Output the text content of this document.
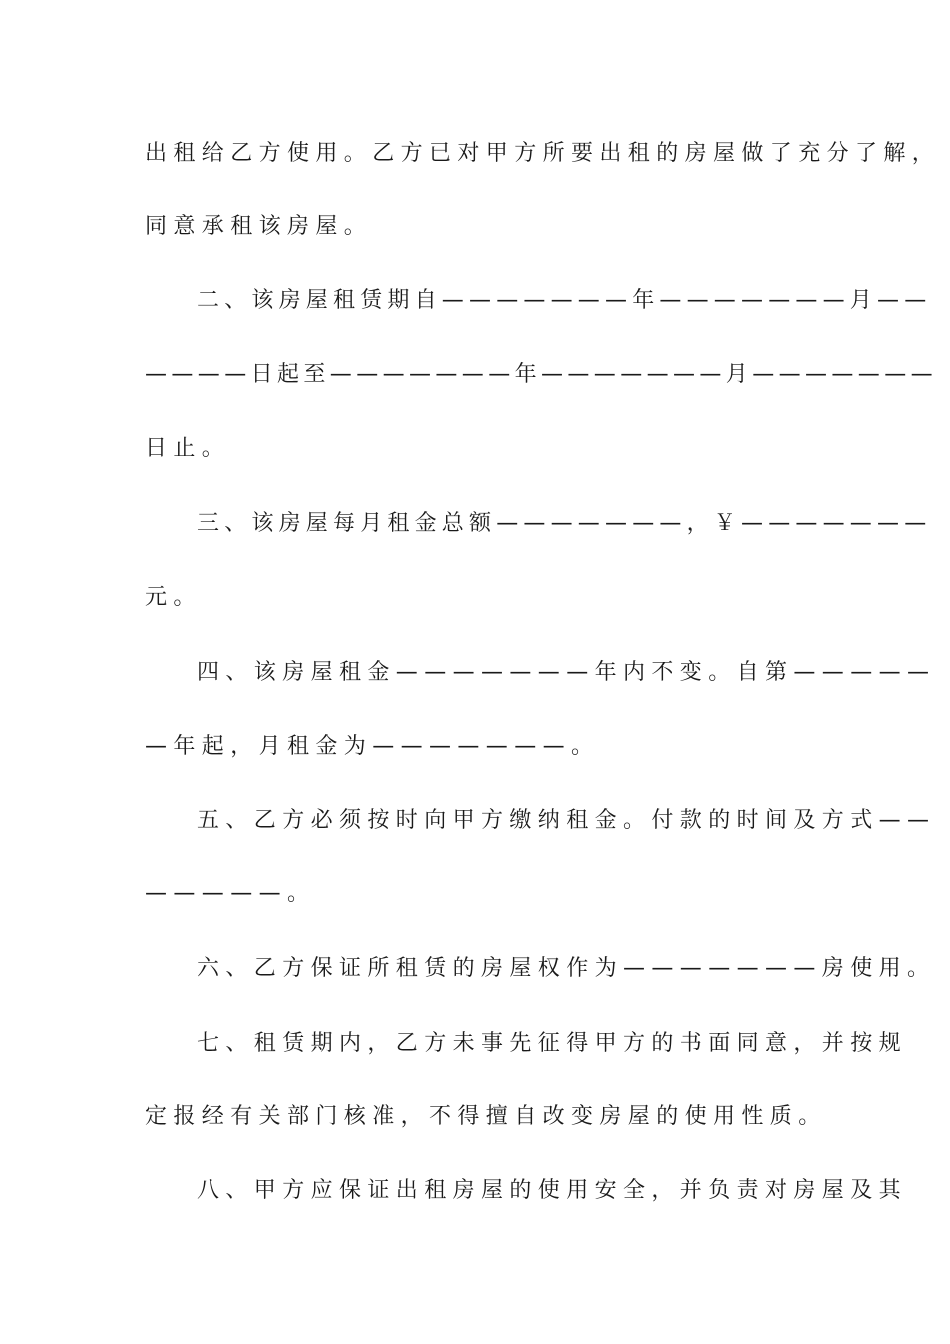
出租给乙方使用。乙方已对甲方所要出租的房屋做了充分了解，
同意承租该房屋。
二、该房屋租赁期自———————年———————月——
————日起至———————年———————月———————
日止。
三、该房屋每月租金总额———————，￥———————
元。
四、该房屋租金———————年内不变。自第—————
—年起，月租金为———————。
五、乙方必须按时向甲方缴纳租金。付款的时间及方式——
—————。
六、乙方保证所租赁的房屋权作为———————房使用。
七、租赁期内，乙方未事先征得甲方的书面同意，并按规
定报经有关部门核准，不得擅自改变房屋的使用性质。
八、甲方应保证出租房屋的使用安全，并负责对房屋及其
